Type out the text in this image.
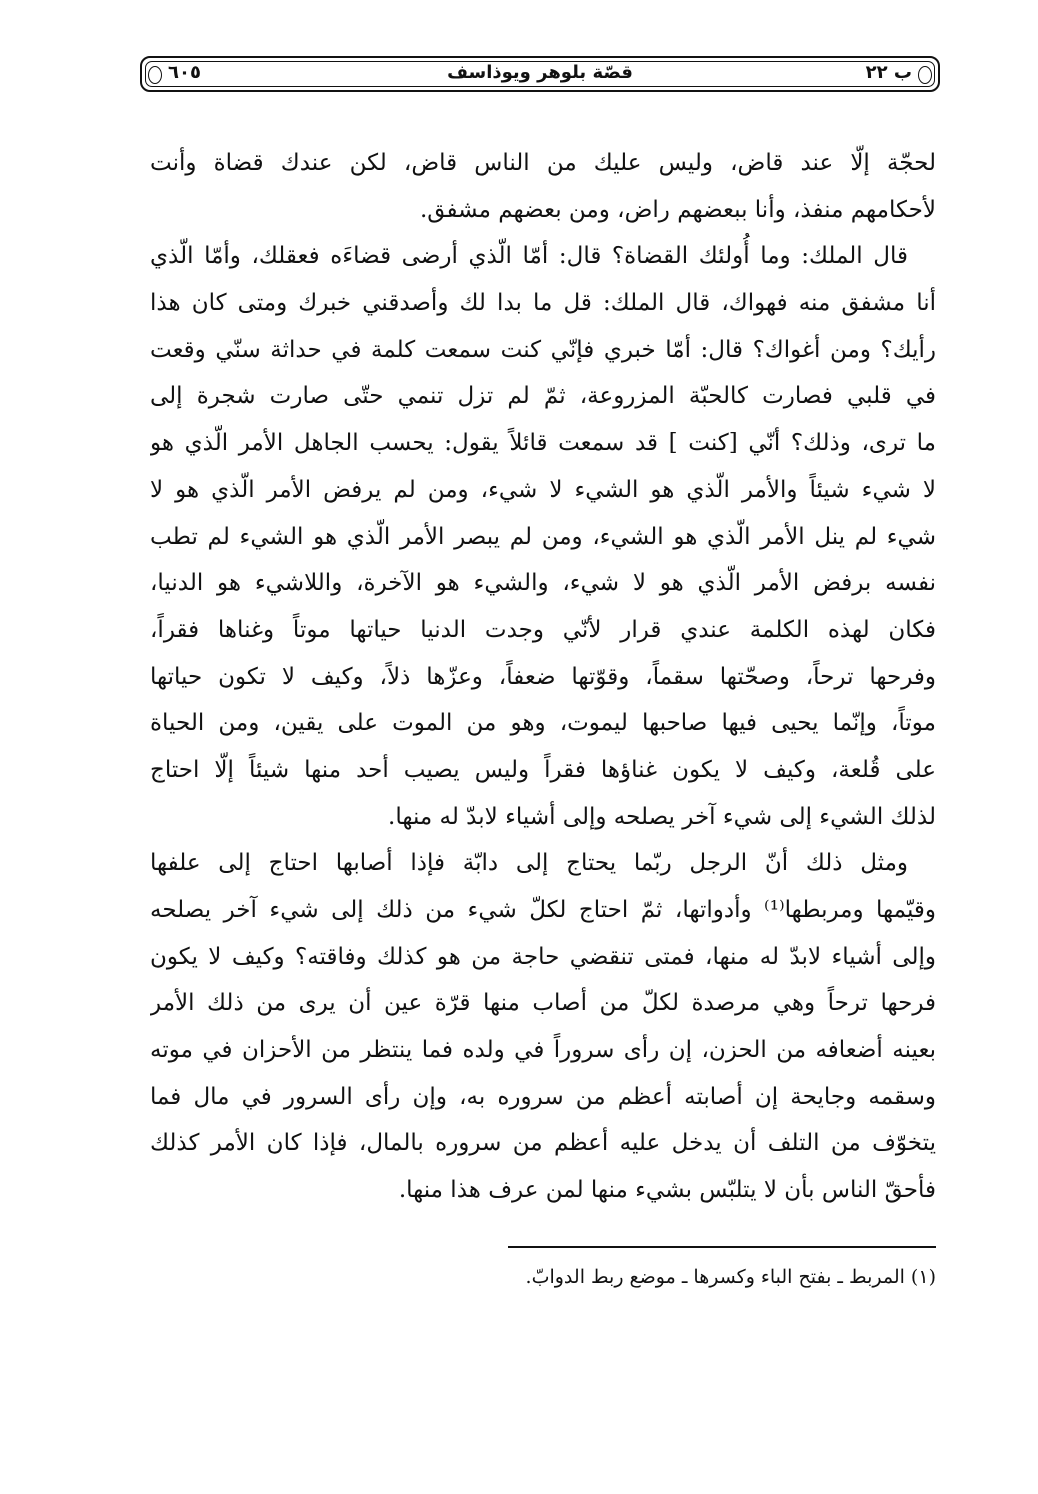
ب ٢٢
قصّة بلوهر ويوذاسف
٦٠٥
لحجّة إلّا عند قاض، وليس عليك من الناس قاض، لكن عندك قضاة وأنت
لأحكامهم منفذ، وأنا ببعضهم راض، ومن بعضهم مشفق.
قال الملك: وما أُولئك القضاة؟ قال: أمّا الّذي أرضى قضاءَه فعقلك، وأمّا الّذي
أنا مشفق منه فهواك، قال الملك: قل ما بدا لك وأصدقني خبرك ومتى كان هذا
رأيك؟ ومن أغواك؟ قال: أمّا خبري فإنّي كنت سمعت كلمة في حداثة سنّي وقعت
في قلبي فصارت كالحبّة المزروعة، ثمّ لم تزل تنمي حتّى صارت شجرة إلى
ما ترى، وذلك؟ أنّي [كنت ] قد سمعت قائلاً يقول: يحسب الجاهل الأمر الّذي هو
لا شيء شيئاً والأمر الّذي هو الشيء لا شيء، ومن لم يرفض الأمر الّذي هو لا
شيء لم ينل الأمر الّذي هو الشيء، ومن لم يبصر الأمر الّذي هو الشيء لم تطب
نفسه برفض الأمر الّذي هو لا شيء، والشيء هو الآخرة، واللاشيء هو الدنيا،
فكان لهذه الكلمة عندي قرار لأنّي وجدت الدنيا حياتها موتاً وغناها فقراً،
وفرحها ترحاً، وصحّتها سقماً، وقوّتها ضعفاً، وعزّها ذلاً، وكيف لا تكون حياتها
موتاً، وإنّما يحيى فيها صاحبها ليموت، وهو من الموت على يقين، ومن الحياة
على قُلعة، وكيف لا يكون غناؤها فقراً وليس يصيب أحد منها شيئاً إلّا احتاج
لذلك الشيء إلى شيء آخر يصلحه وإلى أشياء لابدّ له منها.
ومثل ذلك أنّ الرجل ربّما يحتاج إلى دابّة فإذا أصابها احتاج إلى علفها
وقيّمها ومربطها⁽¹⁾ وأدواتها، ثمّ احتاج لكلّ شيء من ذلك إلى شيء آخر يصلحه
وإلى أشياء لابدّ له منها، فمتى تنقضي حاجة من هو كذلك وفاقته؟ وكيف لا يكون
فرحها ترحاً وهي مرصدة لكلّ من أصاب منها قرّة عين أن يرى من ذلك الأمر
بعينه أضعافه من الحزن، إن رأى سروراً في ولده فما ينتظر من الأحزان في موته
وسقمه وجايحة إن أصابته أعظم من سروره به، وإن رأى السرور في مال فما
يتخوّف من التلف أن يدخل عليه أعظم من سروره بالمال، فإذا كان الأمر كذلك
فأحقّ الناس بأن لا يتلبّس بشيء منها لمن عرف هذا منها.
(١) المربط ـ بفتح الباء وكسرها ـ موضع ربط الدوابّ.
